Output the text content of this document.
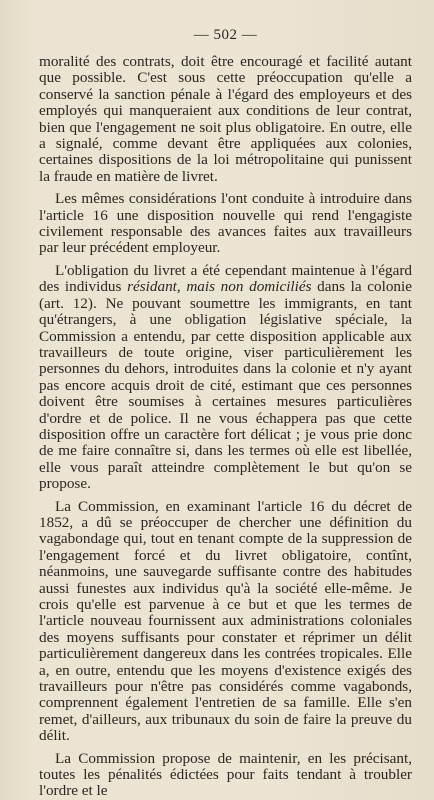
— 502 —

moralité des contrats, doit être encouragé et facilité autant que possible. C'est sous cette préoccupation qu'elle a conservé la sanction pénale à l'égard des employeurs et des employés qui manqueraient aux conditions de leur contrat, bien que l'engagement ne soit plus obligatoire. En outre, elle a signalé, comme devant être appliquées aux colonies, certaines dispositions de la loi métropolitaine qui punissent la fraude en matière de livret.

Les mêmes considérations l'ont conduite à introduire dans l'article 16 une disposition nouvelle qui rend l'engagiste civilement responsable des avances faites aux travailleurs par leur précédent employeur.

L'obligation du livret a été cependant maintenue à l'égard des individus résidant, mais non domiciliés dans la colonie (art. 12). Ne pouvant soumettre les immigrants, en tant qu'étrangers, à une obligation législative spéciale, la Commission a entendu, par cette disposition applicable aux travailleurs de toute origine, viser particulièrement les personnes du dehors, introduites dans la colonie et n'y ayant pas encore acquis droit de cité, estimant que ces personnes doivent être soumises à certaines mesures particulières d'ordre et de police. Il ne vous échappera pas que cette disposition offre un caractère fort délicat ; je vous prie donc de me faire connaître si, dans les termes où elle est libellée, elle vous paraît atteindre complètement le but qu'on se propose.

La Commission, en examinant l'article 16 du décret de 1852, a dû se préoccuper de chercher une définition du vagabondage qui, tout en tenant compte de la suppression de l'engagement forcé et du livret obligatoire, contînt, néanmoins, une sauvegarde suffisante contre des habitudes aussi funestes aux individus qu'à la société elle-même. Je crois qu'elle est parvenue à ce but et que les termes de l'article nouveau fournissent aux administrations coloniales des moyens suffisants pour constater et réprimer un délit particulièrement dangereux dans les contrées tropicales. Elle a, en outre, entendu que les moyens d'existence exigés des travailleurs pour n'être pas considérés comme vagabonds, comprennent également l'entretien de sa famille. Elle s'en remet, d'ailleurs, aux tribunaux du soin de faire la preuve du délit.

La Commission propose de maintenir, en les précisant, toutes les pénalités édictées pour faits tendant à troubler l'ordre et le
